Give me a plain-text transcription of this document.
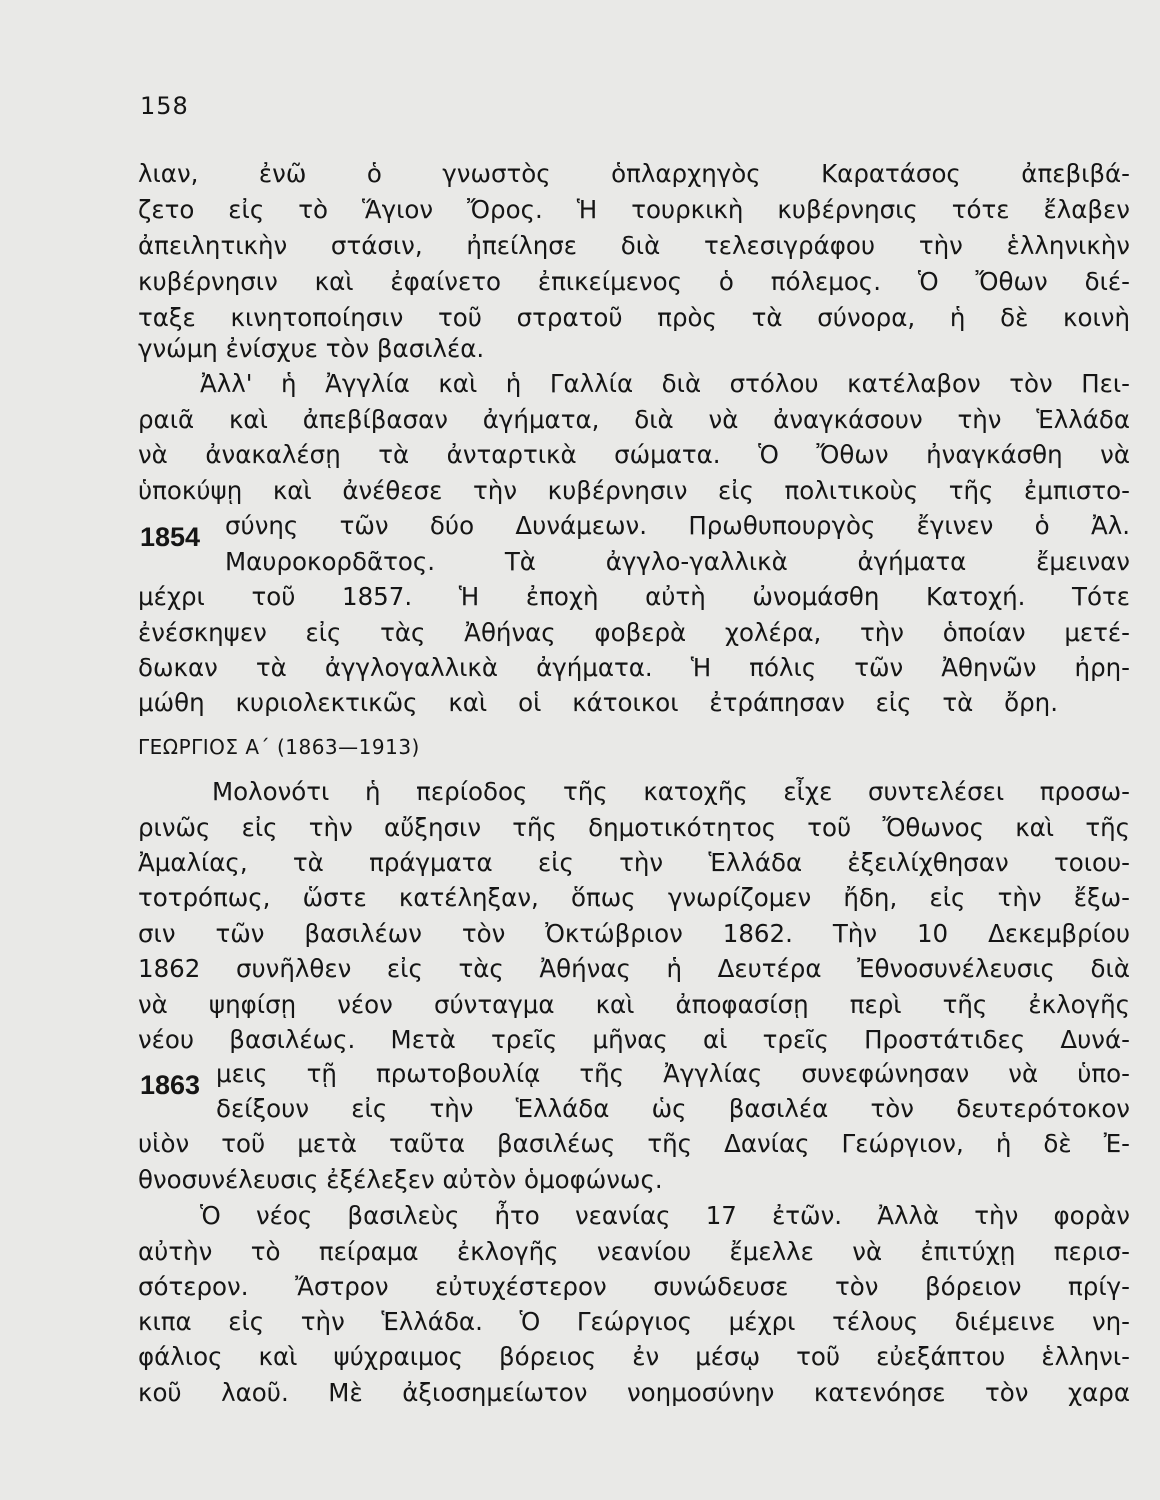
158
λιαν, ἐνῶ ὁ γνωστὸς ὁπλαρχηγὸς Καρατάσος ἀπεβιβά-
ζετο εἰς τὸ Ἅγιον Ὄρος. Ἡ τουρκικὴ κυβέρνησις τότε ἔλαβεν
ἀπειλητικὴν στάσιν, ἠπείλησε διὰ τελεσιγράφου τὴν ἑλληνικὴν
κυβέρνησιν καὶ ἐφαίνετο ἐπικείμενος ὁ πόλεμος. Ὁ Ὄθων διέ-
ταξε κινητοποίησιν τοῦ στρατοῦ πρὸς τὰ σύνορα, ἡ δὲ κοινὴ
γνώμη ἐνίσχυε τὸν βασιλέα.
Ἀλλ' ἡ Ἀγγλία καὶ ἡ Γαλλία διὰ στόλου κατέλαβον τὸν Πει-
ραιᾶ καὶ ἀπεβίβασαν ἀγήματα, διὰ νὰ ἀναγκάσουν τὴν Ἑλλάδα
νὰ ἀνακαλέσῃ τὰ ἀνταρτικὰ σώματα. Ὁ Ὄθων ἠναγκάσθη νὰ
ὑποκύψῃ καὶ ἀνέθεσε τὴν κυβέρνησιν εἰς πολιτικοὺς τῆς ἐμπιστο-
σύνης τῶν δύο Δυνάμεων. Πρωθυπουργὸς ἔγινεν ὁ Ἀλ.
1854
Μαυροκορδᾶτος. Τὰ ἀγγλο-γαλλικὰ ἀγήματα ἔμειναν
μέχρι τοῦ 1857. Ἡ ἐποχὴ αὐτὴ ὠνομάσθη Κατοχή. Τότε
ἐνέσκηψεν εἰς τὰς Ἀθήνας φοβερὰ χολέρα, τὴν ὁποίαν μετέ-
δωκαν τὰ ἀγγλογαλλικὰ ἀγήματα. Ἡ πόλις τῶν Ἀθηνῶν ἠρη-
μώθη κυριολεκτικῶς καὶ οἱ κάτοικοι ἐτράπησαν εἰς τὰ ὄρη.
ΓΕΩΡΓΙΟΣ Α΄ (1863—1913)
Μολονότι ἡ περίοδος τῆς κατοχῆς εἶχε συντελέσει προσω-
ρινῶς εἰς τὴν αὔξησιν τῆς δημοτικότητος τοῦ Ὄθωνος καὶ τῆς
Ἀμαλίας, τὰ πράγματα εἰς τὴν Ἑλλάδα ἐξειλίχθησαν τοιου-
τοτρόπως, ὥστε κατέληξαν, ὅπως γνωρίζομεν ἤδη, εἰς τὴν ἔξω-
σιν τῶν βασιλέων τὸν Ὀκτώβριον 1862. Τὴν 10 Δεκεμβρίου
1862 συνῆλθεν εἰς τὰς Ἀθήνας ἡ Δευτέρα Ἐθνοσυνέλευσις διὰ
νὰ ψηφίσῃ νέον σύνταγμα καὶ ἀποφασίσῃ περὶ τῆς ἐκλογῆς
νέου βασιλέως. Μετὰ τρεῖς μῆνας αἱ τρεῖς Προστάτιδες Δυνά-
μεις τῇ πρωτοβουλίᾳ τῆς Ἀγγλίας συνεφώνησαν νὰ ὑπο-
1863
δείξουν εἰς τὴν Ἑλλάδα ὡς βασιλέα τὸν δευτερότοκον
υἱὸν τοῦ μετὰ ταῦτα βασιλέως τῆς Δανίας Γεώργιον, ἡ δὲ Ἐ-
θνοσυνέλευσις ἐξέλεξεν αὐτὸν ὁμοφώνως.
Ὁ νέος βασιλεὺς ἦτο νεανίας 17 ἐτῶν. Ἀλλὰ τὴν φορὰν
αὐτὴν τὸ πείραμα ἐκλογῆς νεανίου ἔμελλε νὰ ἐπιτύχῃ περισ-
σότερον. Ἄστρον εὐτυχέστερον συνώδευσε τὸν βόρειον πρίγ-
κιπα εἰς τὴν Ἑλλάδα. Ὁ Γεώργιος μέχρι τέλους διέμεινε νη-
φάλιος καὶ ψύχραιμος βόρειος ἐν μέσῳ τοῦ εὐεξάπτου ἑλληνι-
κοῦ λαοῦ. Μὲ ἀξιοσημείωτον νοημοσύνην κατενόησε τὸν χαρα
